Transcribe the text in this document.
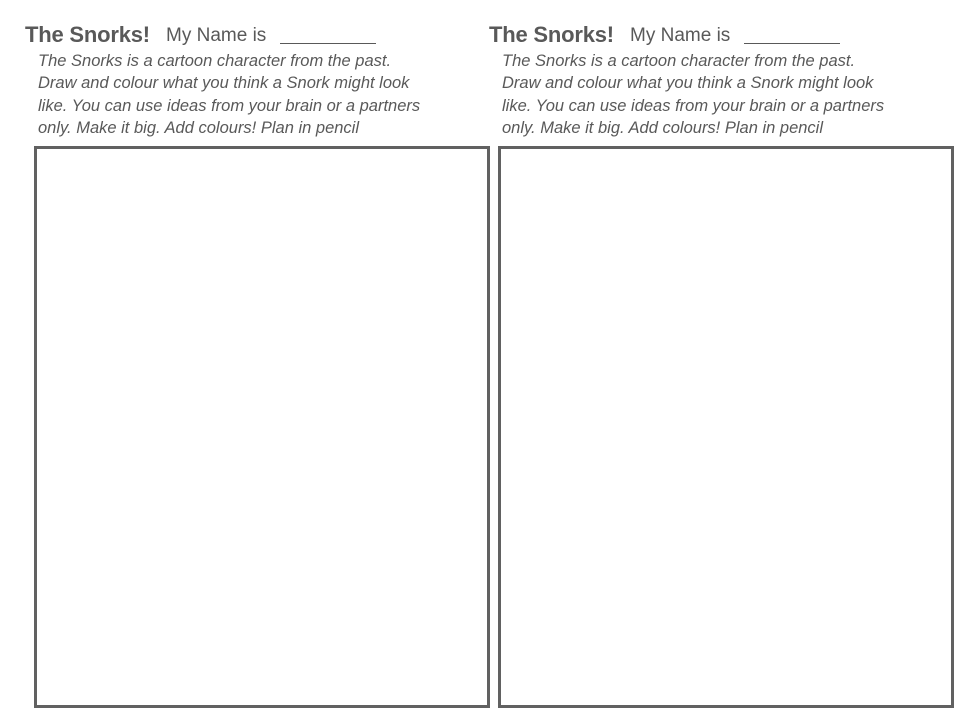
The Snorks! My Name is
The Snorks is a cartoon character from the past.
Draw and colour what you think a Snork might look
like. You can use ideas from your brain or a partners
only. Make it big. Add colours! Plan in pencil
The Snorks! My Name is
The Snorks is a cartoon character from the past.
Draw and colour what you think a Snork might look
like. You can use ideas from your brain or a partners
only. Make it big. Add colours! Plan in pencil
